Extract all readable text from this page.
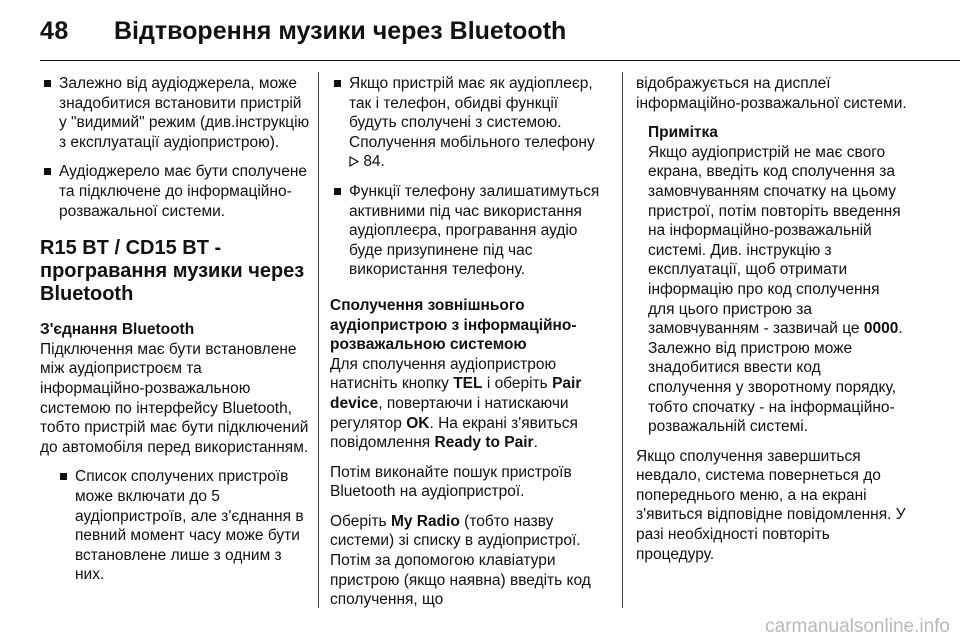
48 Відтворення музики через Bluetooth
Залежно від аудіоджерела, може знадобитися встановити пристрій у "видимий" режим (див.інструкцію з експлуатації аудіопристрою).
Аудіоджерело має бути сполучене та підключене до інформаційно-розважальної системи.
R15 BT / CD15 BT - програвання музики через Bluetooth
З'єднання Bluetooth

Підключення має бути встановлене між аудіопристроєм та інформаційно-розважальною системою по інтерфейсу Bluetooth, тобто пристрій має бути підключений до автомобіля перед використанням.

Список сполучених пристроїв може включати до 5 аудіопристроїв, але з'єднання в певний момент часу може бути встановлене лише з одним з них.
Якщо пристрій має як аудіоплеєр, так і телефон, обидві функції будуть сполучені з системою. Сполучення мобільного телефону  84.
Функції телефону залишатимуться активними під час використання аудіоплеєра, програвання аудіо буде призупинене під час використання телефону.
Сполучення зовнішнього аудіопристрою з інформаційно-розважальною системою

Для сполучення аудіопристрою натисніть кнопку TEL і оберіть Pair device, повертаючи і натискаючи регулятор OK. На екрані з'явиться повідомлення Ready to Pair.

Потім виконайте пошук пристроїв Bluetooth на аудіопристрої.

Оберіть My Radio (тобто назву системи) зі списку в аудіопристрої. Потім за допомогою клавіатури пристрою (якщо наявна) введіть код сполучення, що

відображується на дисплеї інформаційно-розважальної системи.

Примітка
Якщо аудіопристрій не має свого екрана, введіть код сполучення за замовчуванням спочатку на цьому пристрої, потім повторіть введення на інформаційно-розважальній системі. Див. інструкцію з експлуатації, щоб отримати інформацію про код сполучення для цього пристрою за замовчуванням - зазвичай це 0000. Залежно від пристрою може знадобитися ввести код сполучення у зворотному порядку, тобто спочатку - на інформаційно-розважальній системі.

Якщо сполучення завершиться невдало, система повернеться до попереднього меню, а на екрані з'явиться відповідне повідомлення. У разі необхідності повторіть процедуру.

carmanualsonline.info
